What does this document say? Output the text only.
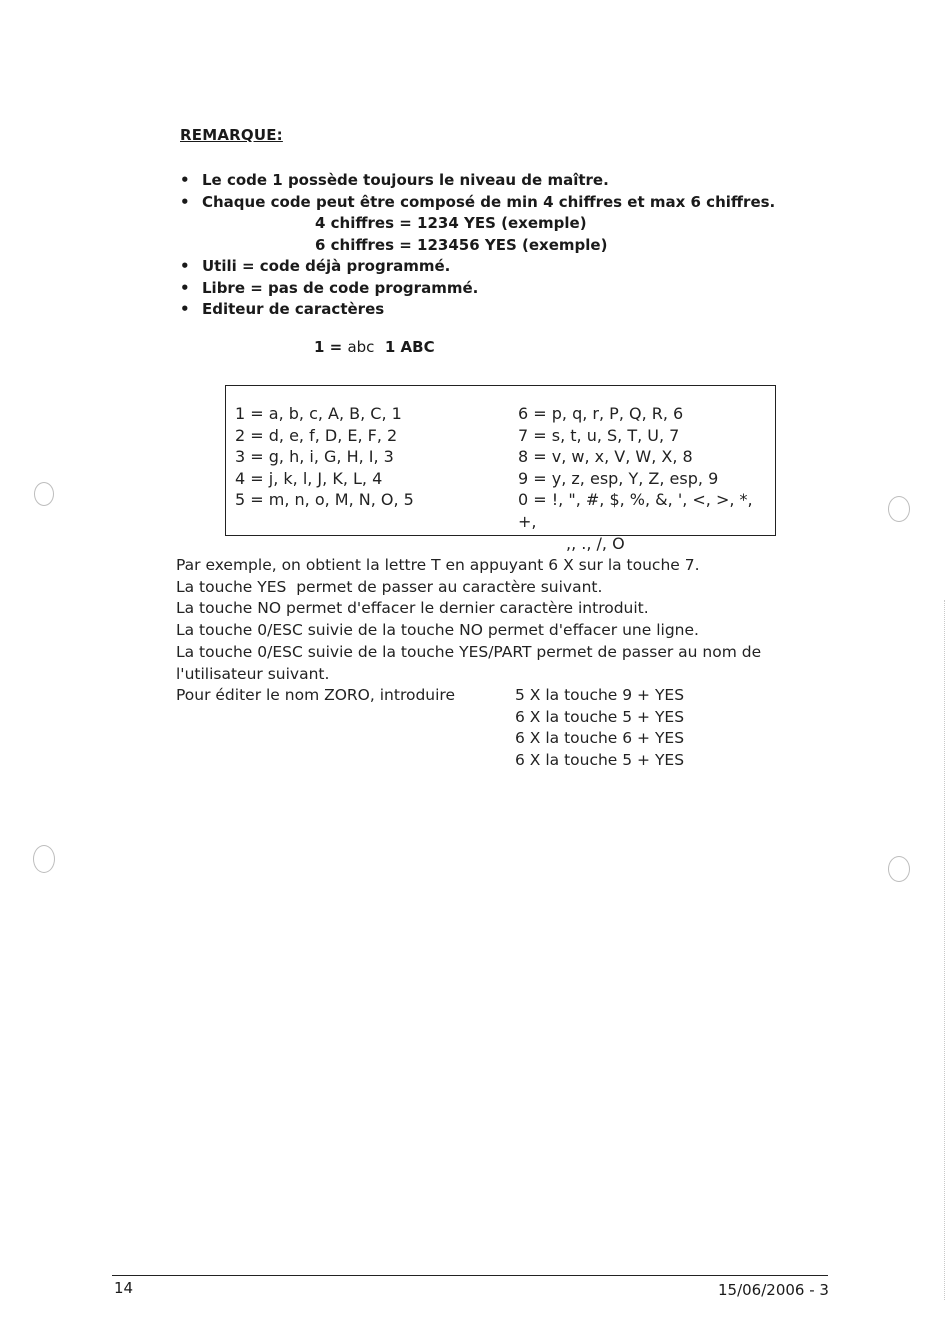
REMARQUE:
• Le code 1 possède toujours le niveau de maître.
• Chaque code peut être composé de min 4 chiffres et max 6 chiffres.
4 chiffres = 1234 YES (exemple)
6 chiffres = 123456 YES (exemple)
• Utili = code déjà programmé.
• Libre = pas de code programmé.
• Editeur de caractères
1 = abc  1 ABC
1 = a, b, c, A, B, C, 1
2 = d, e, f, D, E, F, 2
3 = g, h, i, G, H, I, 3
4 = j, k, l, J, K, L, 4
5 = m, n, o, M, N, O, 5
6 = p, q, r, P, Q, R, 6
7 = s, t, u, S, T, U, 7
8 = v, w, x, V, W, X, 8
9 = y, z, esp, Y, Z, esp, 9
0 = !, ", #, $, %, &, ', <, >, *, +,
,, ., /, O
Par exemple, on obtient la lettre T en appuyant 6 X sur la touche 7.
La touche YES  permet de passer au caractère suivant.
La touche NO permet d'effacer le dernier caractère introduit.
La touche 0/ESC suivie de la touche NO permet d'effacer une ligne.
La touche 0/ESC suivie de la touche YES/PART permet de passer au nom de l'utilisateur suivant.
Pour éditer le nom ZORO, introduire	5 X la touche 9 + YES
6 X la touche 5 + YES
6 X la touche 6 + YES
6 X la touche 5 + YES
14	15/06/2006 - 3
